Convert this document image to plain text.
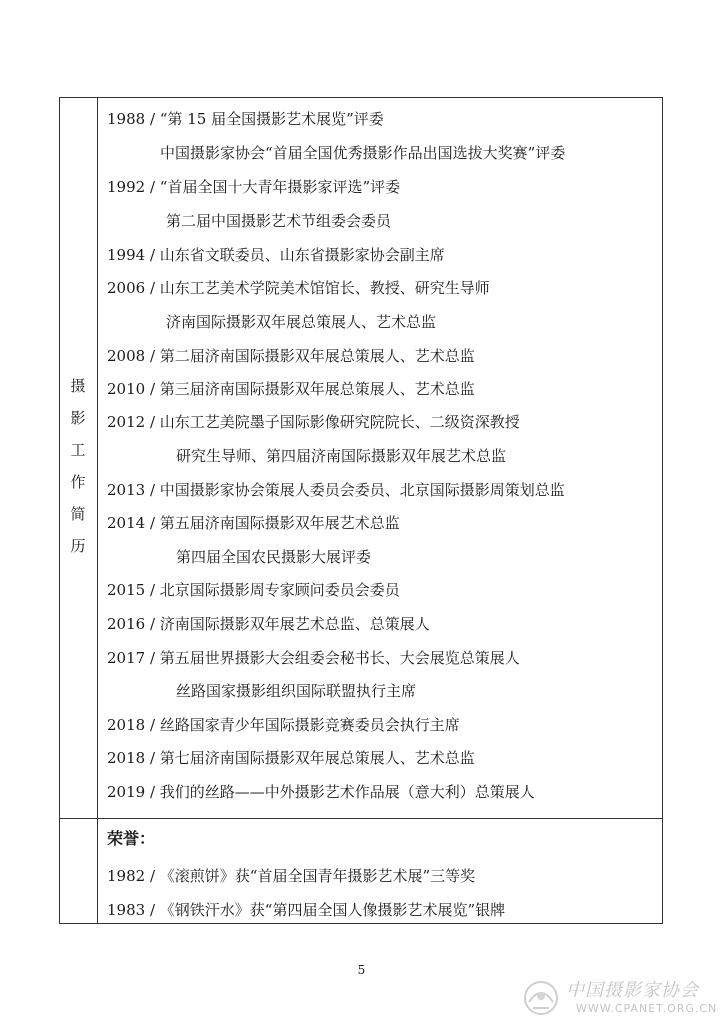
摄
影
工
作
简
历
1988 / “第 15 届全国摄影艺术展览”评委
中国摄影家协会“首届全国优秀摄影作品出国选拔大奖赛”评委
1992 / “首届全国十大青年摄影家评选”评委
第二届中国摄影艺术节组委会委员
1994 / 山东省文联委员、山东省摄影家协会副主席
2006 / 山东工艺美术学院美术馆馆长、教授、研究生导师
济南国际摄影双年展总策展人、艺术总监
2008 / 第二届济南国际摄影双年展总策展人、艺术总监
2010 / 第三届济南国际摄影双年展总策展人、艺术总监
2012 / 山东工艺美院墨子国际影像研究院院长、二级资深教授
研究生导师、第四届济南国际摄影双年展艺术总监
2013 / 中国摄影家协会策展人委员会委员、北京国际摄影周策划总监
2014 / 第五届济南国际摄影双年展艺术总监
第四届全国农民摄影大展评委
2015 / 北京国际摄影周专家顾问委员会委员
2016 / 济南国际摄影双年展艺术总监、总策展人
2017 / 第五届世界摄影大会组委会秘书长、大会展览总策展人
丝路国家摄影组织国际联盟执行主席
2018 / 丝路国家青少年国际摄影竞赛委员会执行主席
2018 / 第七届济南国际摄影双年展总策展人、艺术总监
2019 / 我们的丝路——中外摄影艺术作品展（意大利）总策展人
荣誉：
1982 / 《滚煎饼》获“首届全国青年摄影艺术展”三等奖
1983 / 《钢铁汗水》获“第四届全国人像摄影艺术展览”银牌
5
中国摄影家协会
WWW.CPANET.ORG.CN
